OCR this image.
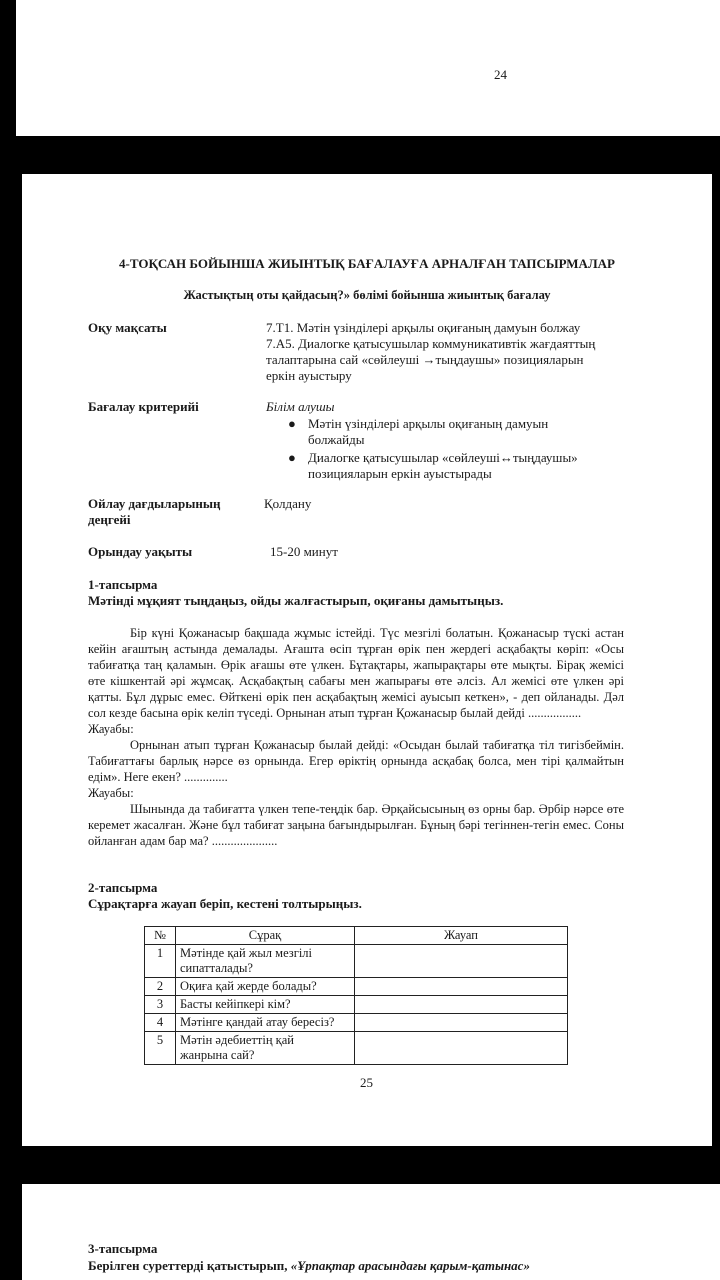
24
4-ТОҚСАН БОЙЫНША ЖИЫНТЫҚ БАҒАЛАУҒА АРНАЛҒАН ТАПСЫРМАЛАР
Жастықтың оты қайдасың?» бөлімі бойынша жиынтық бағалау
Оқу мақсаты	7.Т1. Мәтін үзінділері арқылы оқиғаның дамуын болжау
7.А5. Диалогке қатысушылар коммуникативтік жағдаяттың
талаптарына сай «сөйлеуші →тыңдаушы» позицияларын
еркін ауыстыру
Бағалау критерийі	Білім алушы
● Мәтін үзінділері арқылы оқиғаның дамуын
болжайды
● Диалогке қатысушылар «сөйлеуші↔тыңдаушы»
позицияларын еркін ауыстырады
Ойлау дағдыларының
деңгейі
Қолдану
Орындау уақыты	15-20 минут
1-тапсырма
Мәтінді мұқият тыңдаңыз, ойды жалғастырып, оқиғаны дамытыңыз.

Бір күні Қожанасыр бақшада жұмыс істейді. Түс мезгілі болатын. Қожанасыр түскі астан кейін ағаштың астында демалады. Ағашта өсіп тұрған өрік пен жердегі асқабақты көріп: «Осы табиғатқа таң қаламын. Өрік ағашы өте үлкен. Бұтақтары, жапырақтары өте мықты. Бірақ жемісі өте кішкентай әрі жұмсақ. Асқабақтың сабағы мен жапырағы өте әлсіз. Ал жемісі өте үлкен әрі қатты. Бұл дұрыс емес. Өйткені өрік пен асқабақтың жемісі ауысып кеткен», - деп ойланады. Дәл сол кезде басына өрік келіп түседі. Орнынан атып тұрған Қожанасыр былай дейді .................

Жауабы:

Орнынан атып тұрған Қожанасыр былай дейді: «Осыдан былай табиғатқа тіл тигізбеймін. Табиғаттағы барлық нәрсе өз орнында. Егер өріктің орнында асқабақ болса, мен тірі қалмайтын едім». Неге екен? ..............

Жауабы:

Шынында да табиғатта үлкен тепе-теңдік бар. Әрқайсысының өз орны бар. Әрбір нәрсе өте керемет жасалған. Және бұл табиғат заңына бағындырылған. Бұның бәрі тегіннен-тегін емес. Соны ойланған адам бар ма? .....................

2-тапсырма
Сұрақтарға жауап беріп, кестені толтырыңыз.
№	Сұрақ	Жауап
1	Мәтінде қай жыл мезгілі
сипатталады?	

2	Оқиға қай жерде болады?	
3	Басты кейіпкері кім?	
4	Мәтінге қандай атау бересіз?	
5	Мәтін әдебиеттің қай
жанрына сай?	

25
3-тапсырма
Берілген суреттерді қатыстырып, «Ұрпақтар арасындағы қарым-қатынас»
